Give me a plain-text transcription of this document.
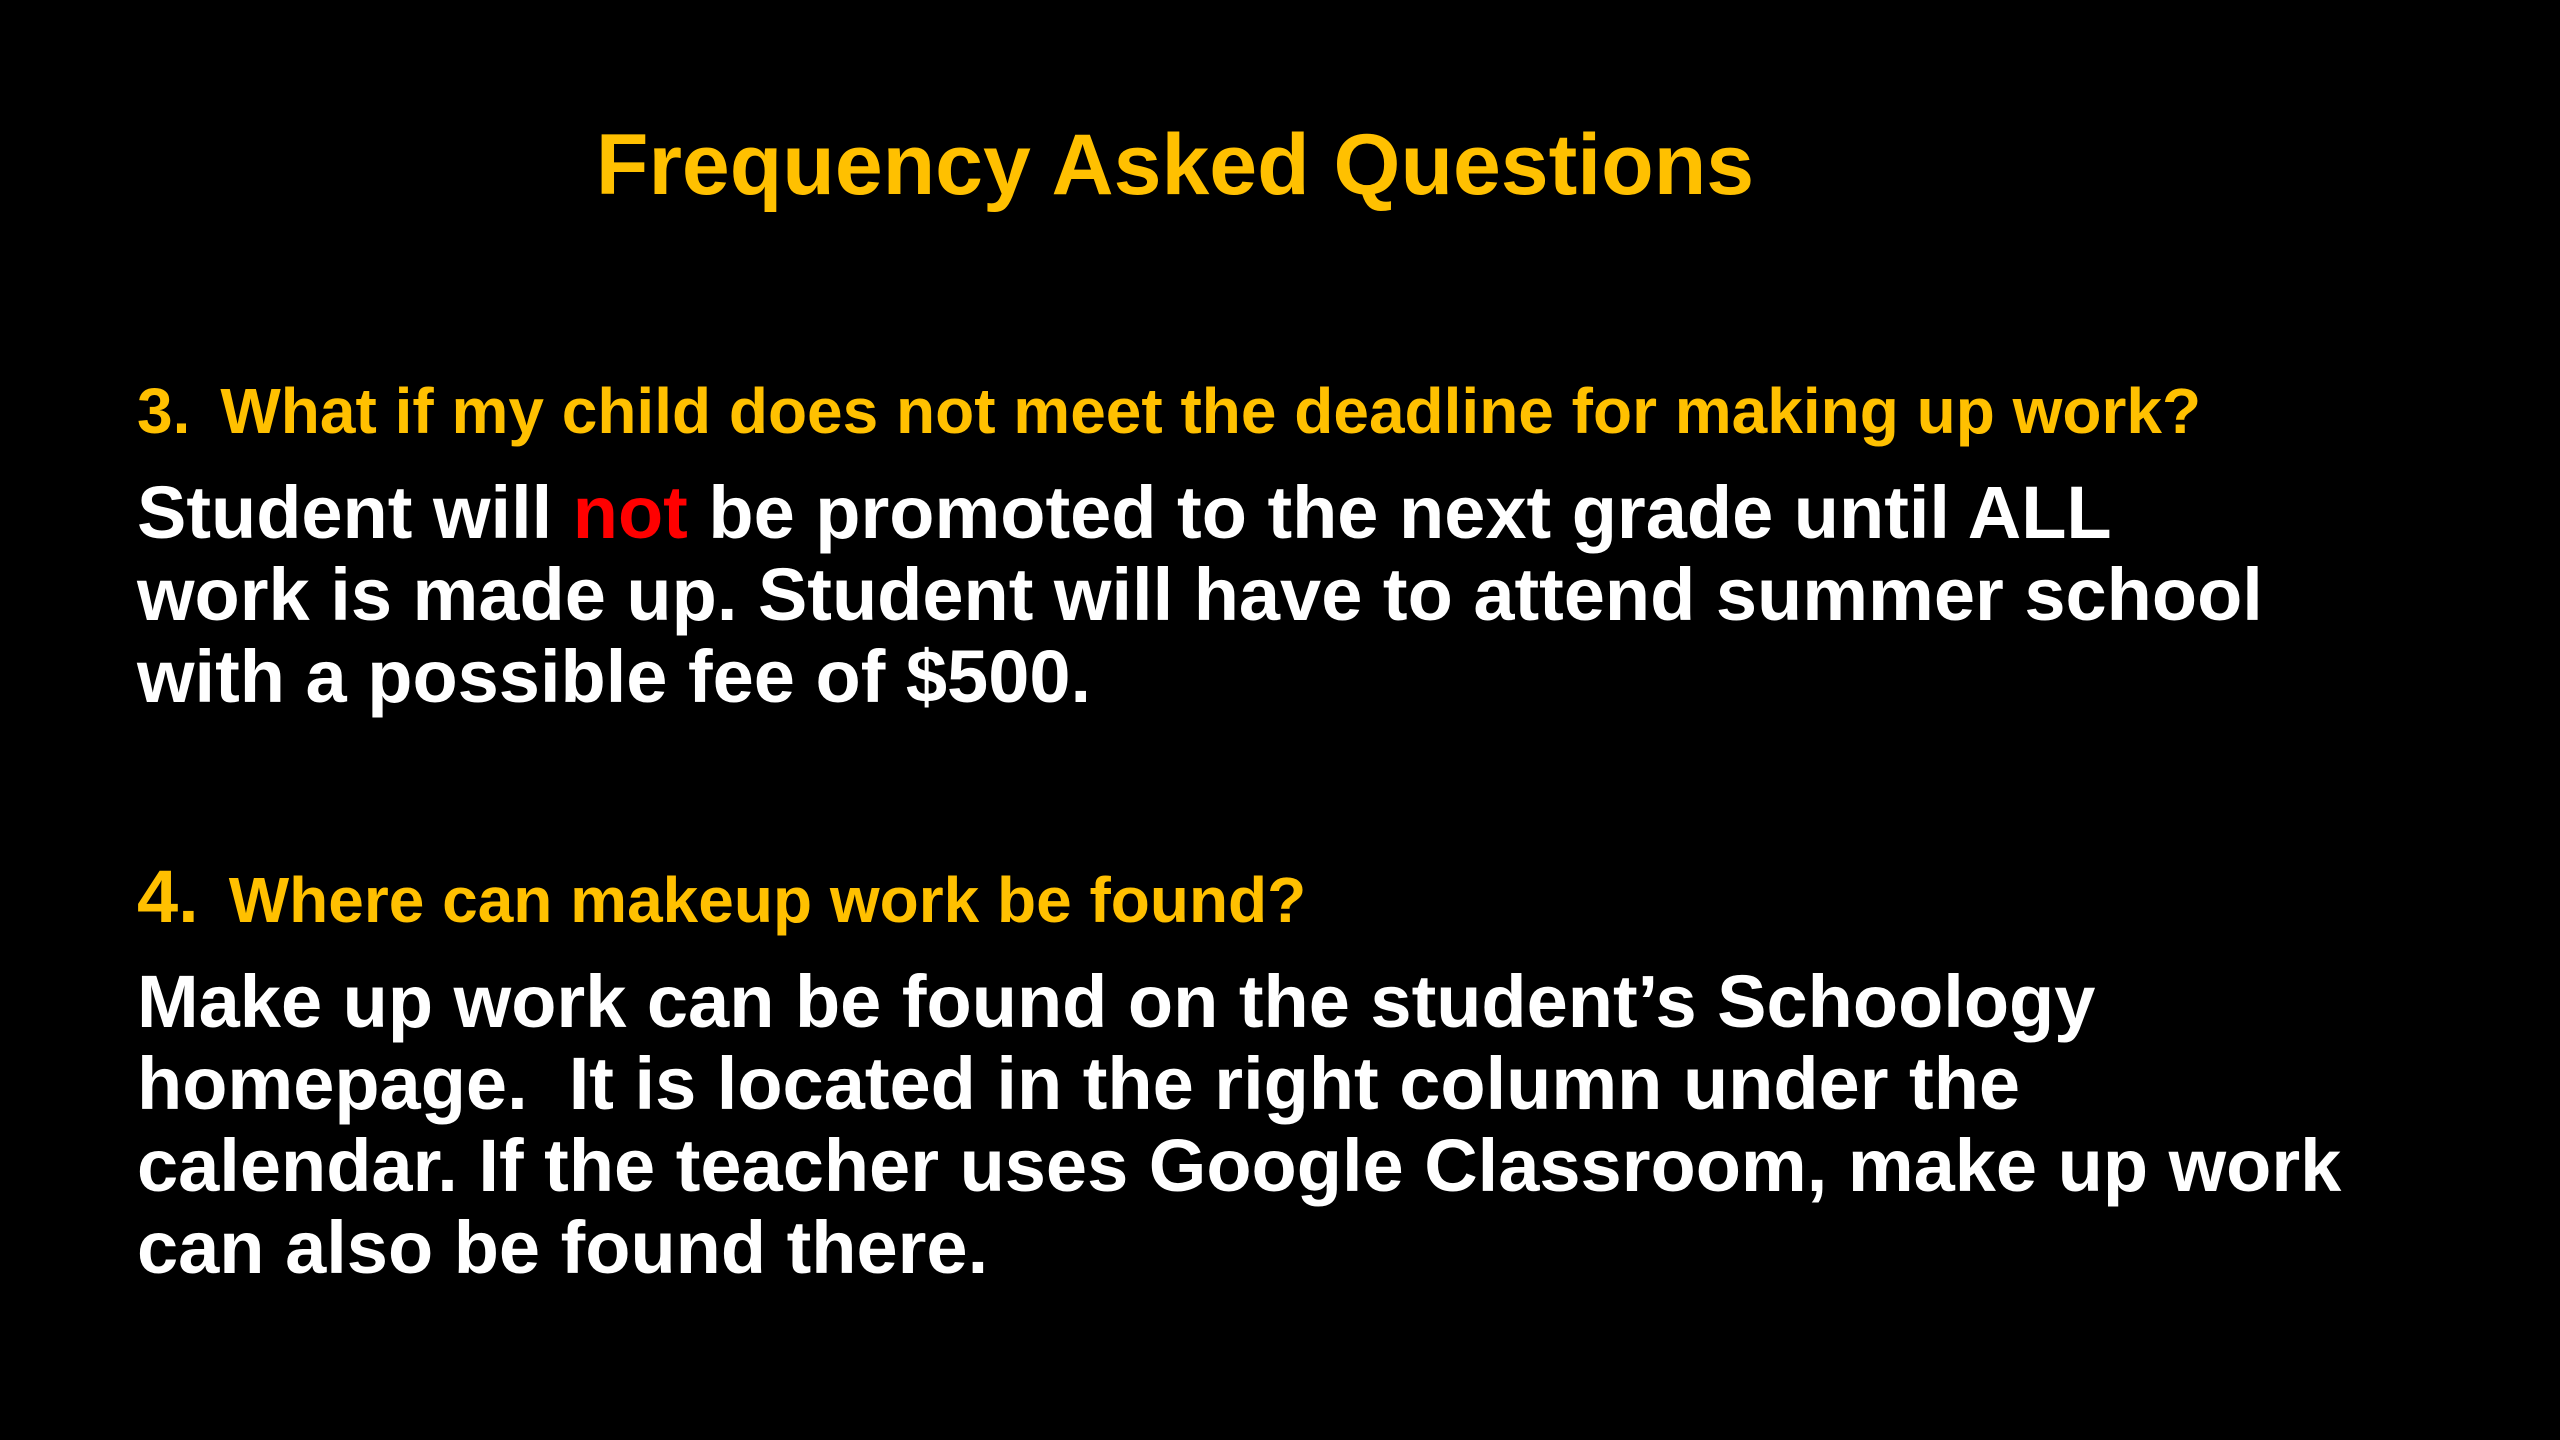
Frequency Asked Questions
3. What if my child does not meet the deadline for making up work?
Student will not be promoted to the next grade until ALL
work is made up. Student will have to attend summer school
with a possible fee of $500.
4. Where can makeup work be found?
Make up work can be found on the student’s Schoology
homepage.  It is located in the right column under the
calendar. If the teacher uses Google Classroom, make up work
can also be found there.
